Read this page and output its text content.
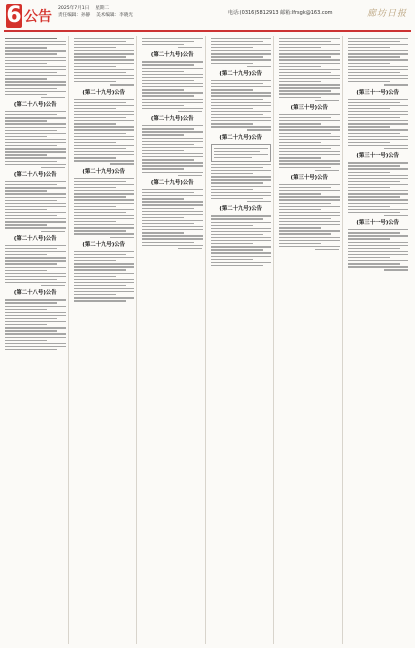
6 公告
2025年7月1日 星期二
责任编辑：孙静 美术编辑：李晓光	电话:(0316)5812913 邮箱:lfrsgk@163.com	廊坊日报
(第二十八号)公告
(第二十八号)公告
(第二十八号)公告
(第二十八号)公告
(第二十九号)公告
(第二十九号)公告
(第二十九号)公告
(第二十九号)公告
(第二十九号)公告
(第二十九号)公告
(第二十九号)公告
(第二十九号)公告
(第二十九号)公告
(第三十号)公告
(第三十号)公告
(第三十一号)公告
(第三十一号)公告
(第三十一号)公告
